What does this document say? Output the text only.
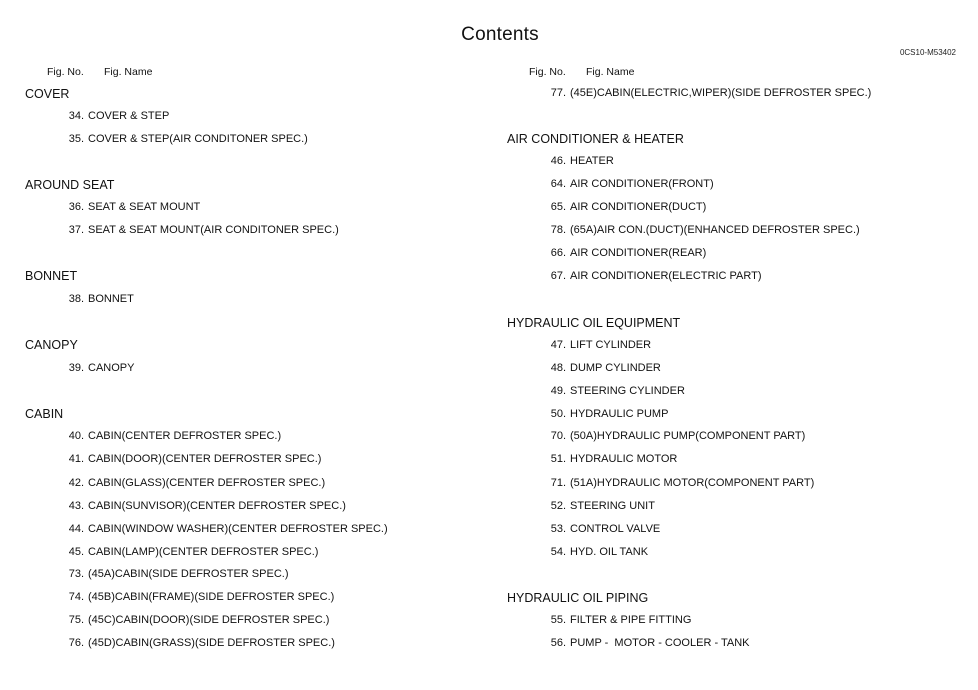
Contents
0CS10-M53402
Fig. No. Fig. Name
COVER
34. COVER & STEP
35. COVER & STEP(AIR CONDITONER SPEC.)
AROUND SEAT
36. SEAT & SEAT MOUNT
37. SEAT & SEAT MOUNT(AIR CONDITONER SPEC.)
BONNET
38. BONNET
CANOPY
39. CANOPY
CABIN
40. CABIN(CENTER DEFROSTER SPEC.)
41. CABIN(DOOR)(CENTER DEFROSTER SPEC.)
42. CABIN(GLASS)(CENTER DEFROSTER SPEC.)
43. CABIN(SUNVISOR)(CENTER DEFROSTER SPEC.)
44. CABIN(WINDOW WASHER)(CENTER DEFROSTER SPEC.)
45. CABIN(LAMP)(CENTER DEFROSTER SPEC.)
73. (45A)CABIN(SIDE DEFROSTER SPEC.)
74. (45B)CABIN(FRAME)(SIDE DEFROSTER SPEC.)
75. (45C)CABIN(DOOR)(SIDE DEFROSTER SPEC.)
76. (45D)CABIN(GRASS)(SIDE DEFROSTER SPEC.)
Fig. No. Fig. Name
77. (45E)CABIN(ELECTRIC,WIPER)(SIDE DEFROSTER SPEC.)
AIR CONDITIONER & HEATER
46. HEATER
64. AIR CONDITIONER(FRONT)
65. AIR CONDITIONER(DUCT)
78. (65A)AIR CON.(DUCT)(ENHANCED DEFROSTER SPEC.)
66. AIR CONDITIONER(REAR)
67. AIR CONDITIONER(ELECTRIC PART)
HYDRAULIC OIL EQUIPMENT
47. LIFT CYLINDER
48. DUMP CYLINDER
49. STEERING CYLINDER
50. HYDRAULIC PUMP
70. (50A)HYDRAULIC PUMP(COMPONENT PART)
51. HYDRAULIC MOTOR
71. (51A)HYDRAULIC MOTOR(COMPONENT PART)
52. STEERING UNIT
53. CONTROL VALVE
54. HYD. OIL TANK
HYDRAULIC OIL PIPING
55. FILTER & PIPE FITTING
56. PUMP -  MOTOR - COOLER - TANK
